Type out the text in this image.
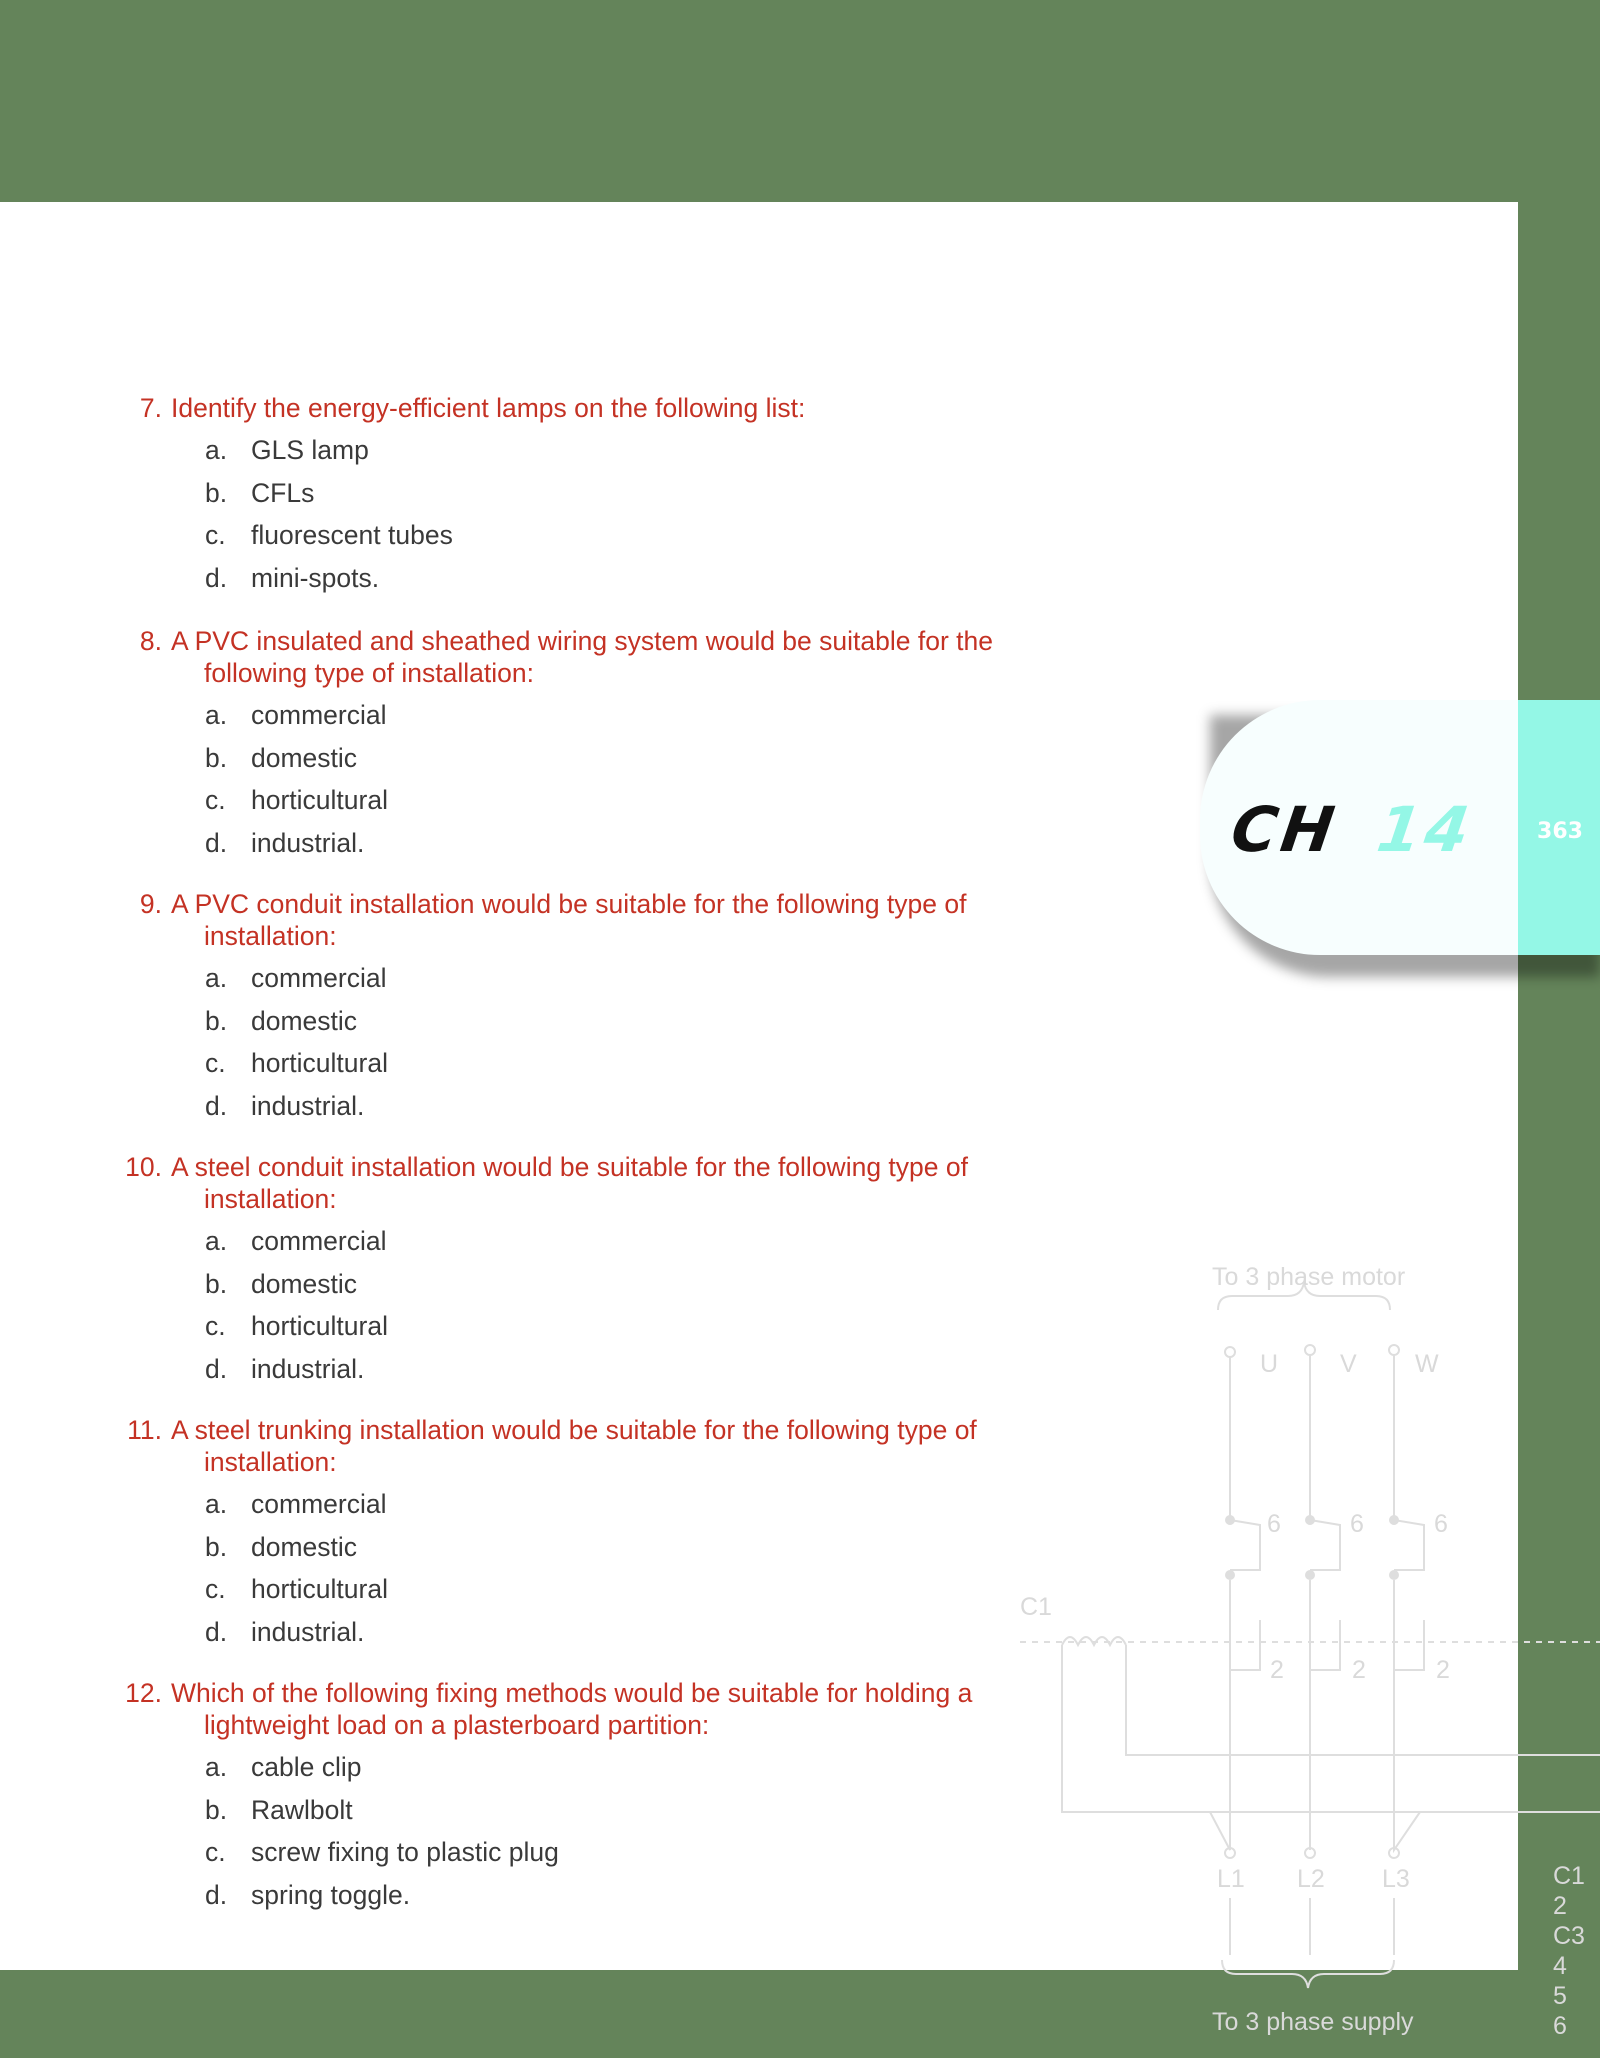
7. Identify the energy-efficient lamps on the following list:
a. GLS lamp
b. CFLs
c. fluorescent tubes
d. mini-spots.
8. A PVC insulated and sheathed wiring system would be suitable for the
following type of installation:
a. commercial
b. domestic
c. horticultural
d. industrial.
9. A PVC conduit installation would be suitable for the following type of
installation:
a. commercial
b. domestic
c. horticultural
d. industrial.
10. A steel conduit installation would be suitable for the following type of
installation:
a. commercial
b. domestic
c. horticultural
d. industrial.
11. A steel trunking installation would be suitable for the following type of
installation:
a. commercial
b. domestic
c. horticultural
d. industrial.
12. Which of the following fixing methods would be suitable for holding a
lightweight load on a plasterboard partition:
a. cable clip
b. Rawlbolt
c. screw fixing to plastic plug
d. spring toggle.
CH 14	363
To 3 phase motor
U V W
6	6	6
C1
2	2	2
L1 L2 L3
To 3 phase supply
C1
2
C3
4
5
6
